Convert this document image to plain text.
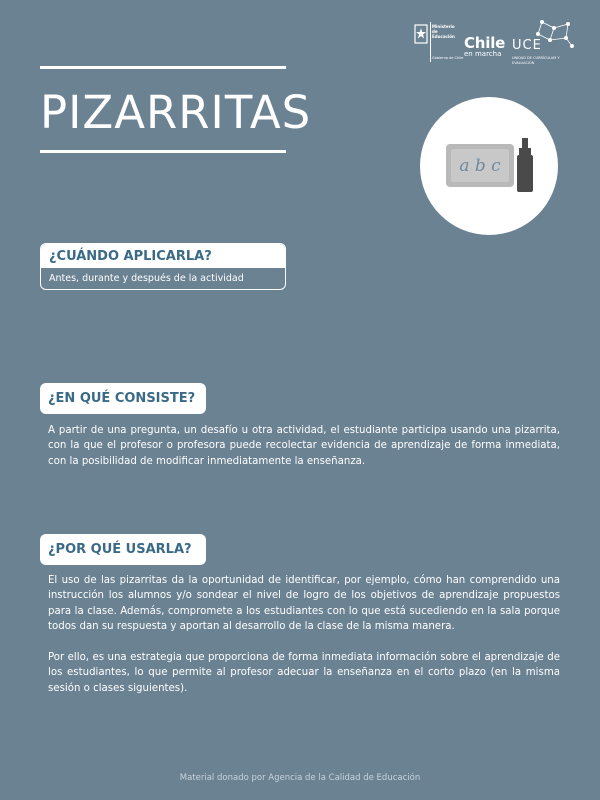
Ministerio de
Educación
Gobierno de Chile
Chile
en marcha
UCE
UNIDAD DE CURRÍCULUM Y EVALUACIÓN
PIZARRITAS
a b c
¿CUÁNDO APLICARLA?
Antes, durante y después de la actividad
¿EN QUÉ CONSISTE?
A partir de una pregunta, un desafío u otra actividad, el estudiante participa usando una pizarrita, con la que el profesor o profesora puede recolectar evidencia de aprendizaje de forma inmediata, con la posibilidad de modificar inmediatamente la enseñanza.
¿POR QUÉ USARLA?
El uso de las pizarritas da la oportunidad de identificar, por ejemplo, cómo han comprendido una instrucción los alumnos y/o sondear el nivel de logro de los objetivos de aprendizaje propuestos para la clase. Además, compromete a los estudiantes con lo que está sucediendo en la sala porque todos dan su respuesta y aportan al desarrollo de la clase de la misma manera.
Por ello, es una estrategia que proporciona de forma inmediata información sobre el aprendizaje de los estudiantes, lo que permite al profesor adecuar la enseñanza en el corto plazo (en la misma sesión o clases siguientes).
Material donado por Agencia de la Calidad de Educación
